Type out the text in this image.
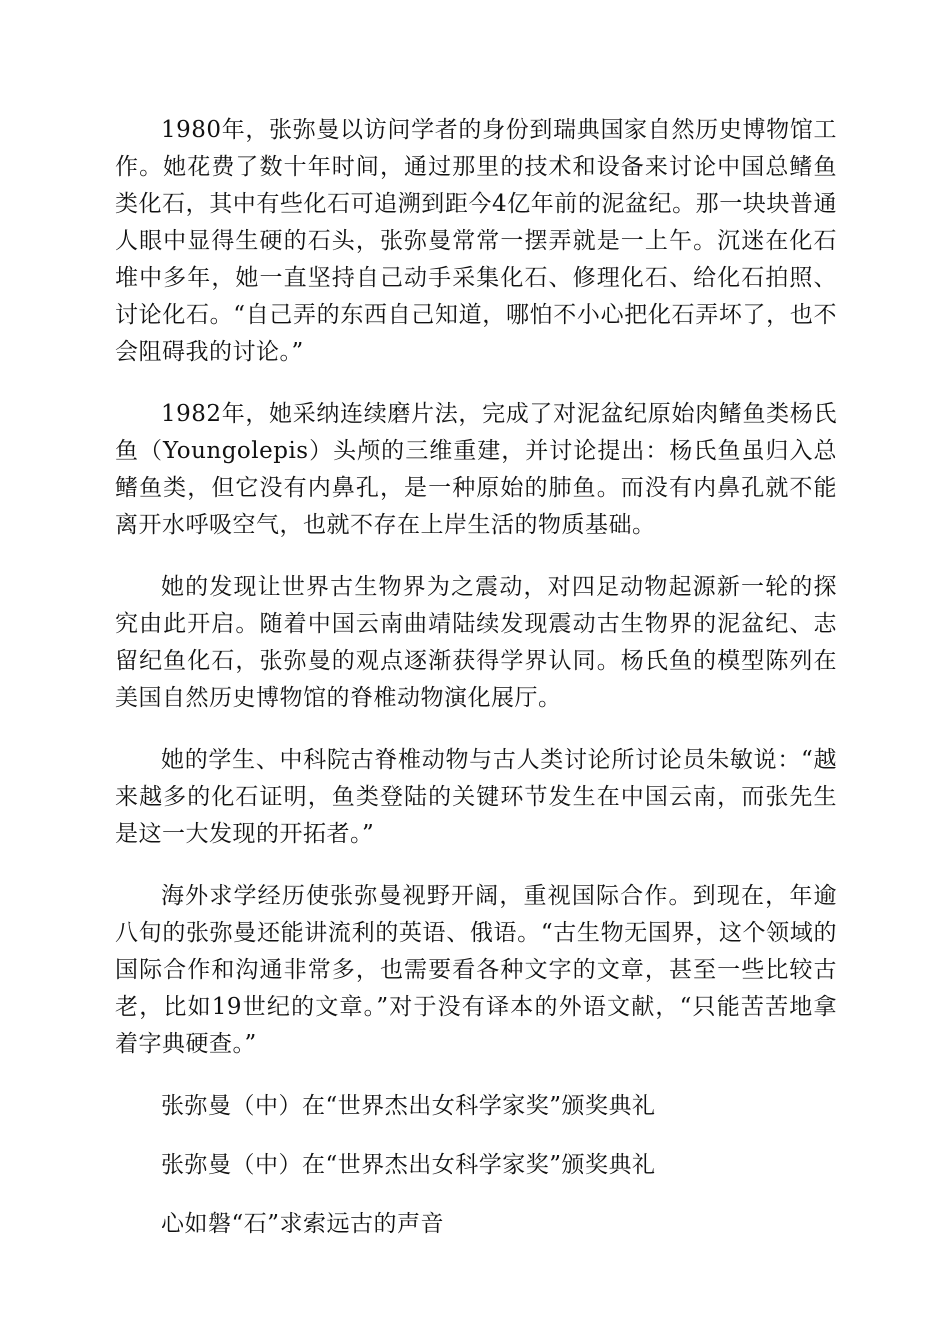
1980年，张弥曼以访问学者的身份到瑞典国家自然历史博物馆工作。她花费了数十年时间，通过那里的技术和设备来讨论中国总鳍鱼类化石，其中有些化石可追溯到距今4亿年前的泥盆纪。那一块块普通人眼中显得生硬的石头，张弥曼常常一摆弄就是一上午。沉迷在化石堆中多年，她一直坚持自己动手采集化石、修理化石、给化石拍照、讨论化石。“自己弄的东西自己知道，哪怕不小心把化石弄坏了，也不会阻碍我的讨论。”

1982年，她采纳连续磨片法，完成了对泥盆纪原始肉鳍鱼类杨氏鱼（Youngolepis）头颅的三维重建，并讨论提出：杨氏鱼虽归入总鳍鱼类，但它没有内鼻孔，是一种原始的肺鱼。而没有内鼻孔就不能离开水呼吸空气，也就不存在上岸生活的物质基础。

她的发现让世界古生物界为之震动，对四足动物起源新一轮的探究由此开启。随着中国云南曲靖陆续发现震动古生物界的泥盆纪、志留纪鱼化石，张弥曼的观点逐渐获得学界认同。杨氏鱼的模型陈列在美国自然历史博物馆的脊椎动物演化展厅。

她的学生、中科院古脊椎动物与古人类讨论所讨论员朱敏说：“越来越多的化石证明，鱼类登陆的关键环节发生在中国云南，而张先生是这一大发现的开拓者。”

海外求学经历使张弥曼视野开阔，重视国际合作。到现在，年逾八旬的张弥曼还能讲流利的英语、俄语。“古生物无国界，这个领域的国际合作和沟通非常多，也需要看各种文字的文章，甚至一些比较古老，比如19世纪的文章。”对于没有译本的外语文献，“只能苦苦地拿着字典硬查。”

张弥曼（中）在“世界杰出女科学家奖”颁奖典礼

张弥曼（中）在“世界杰出女科学家奖”颁奖典礼

心如磐“石”求索远古的声音
